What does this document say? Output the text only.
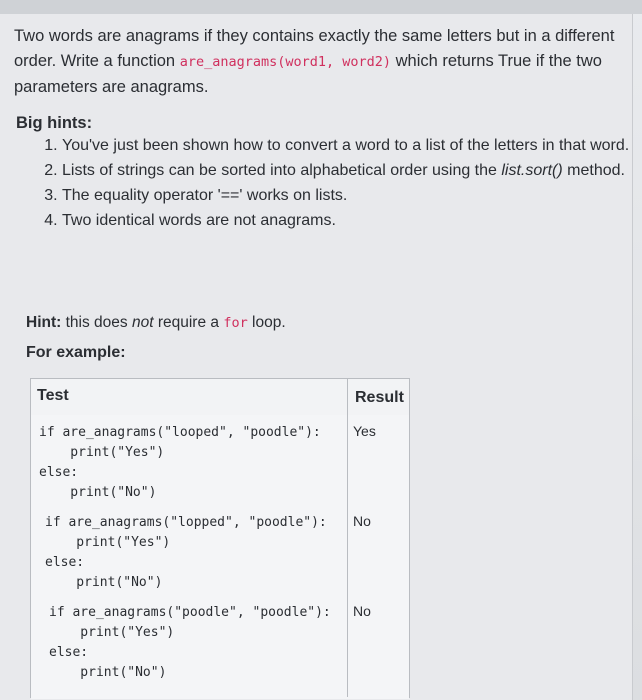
Two words are anagrams if they contains exactly the same letters but in a different order. Write a function are_anagrams(word1, word2) which returns True if the two parameters are anagrams.
Big hints:
1. You've just been shown how to convert a word to a list of the letters in that word.
2. Lists of strings can be sorted into alphabetical order using the list.sort() method.
3. The equality operator '==' works on lists.
4. Two identical words are not anagrams.
Hint: this does not require a for loop.
For example:
Test	Result
if are_anagrams("looped", "poodle"):
print("Yes")
else:
print("No")
Yes
if are_anagrams("lopped", "poodle"):
print("Yes")
else:
print("No")
No
if are_anagrams("poodle", "poodle"):
print("Yes")
else:
print("No")
No
